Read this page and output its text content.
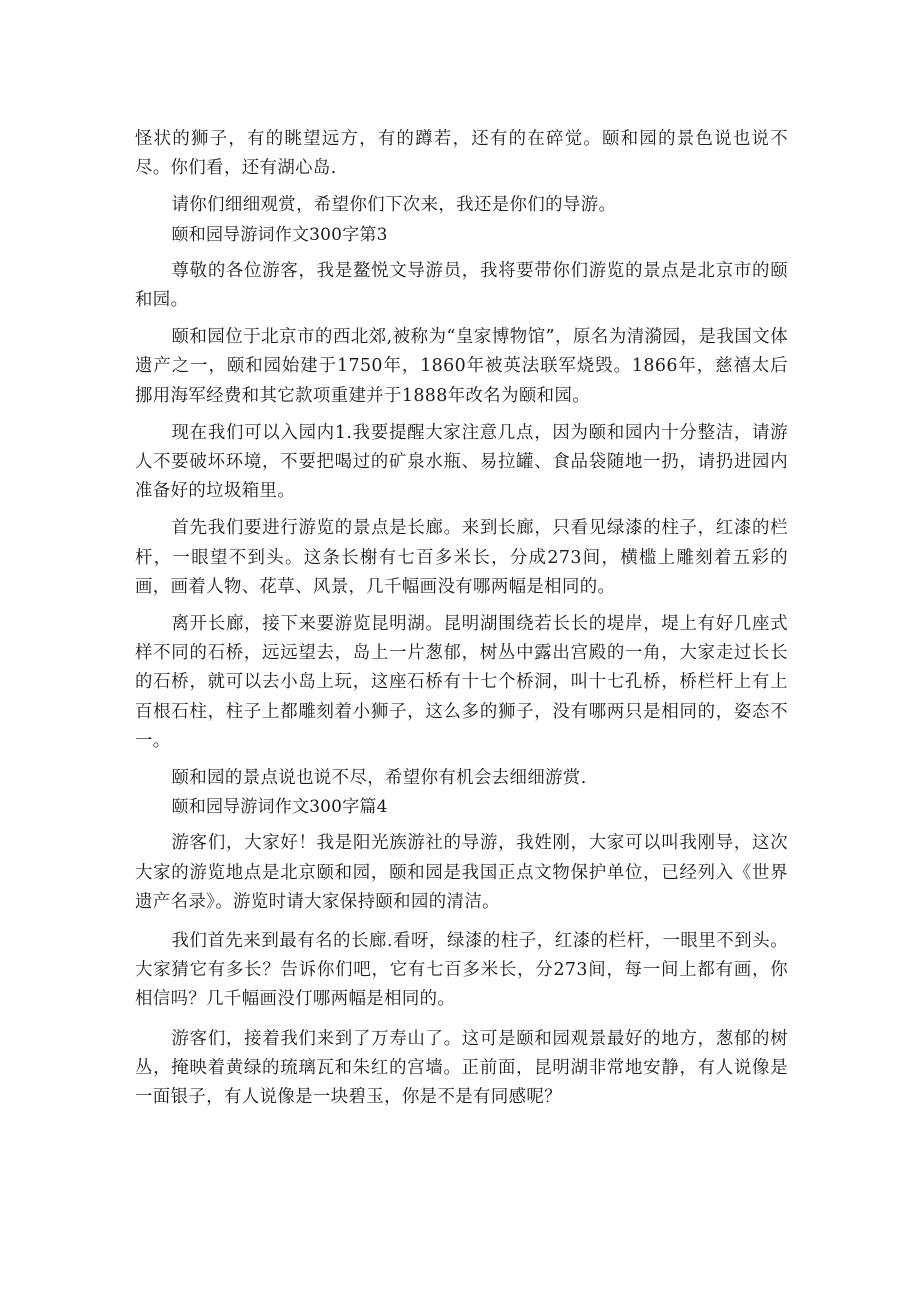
怪状的狮子，有的眺望远方，有的蹲若，还有的在碎觉。颐和园的景色说也说不尽。你们看，还有湖心岛.

请你们细细观赏，希望你们下次来，我还是你们的导游。

颐和园导游词作文300字第3

尊敬的各位游客，我是鳌悦文导游员，我将要带你们游览的景点是北京市的颐和园。

颐和园位于北京市的西北郊,被称为“皇家博物馆”，原名为清漪园，是我国文体遗产之一，颐和园始建于1750年，1860年被英法联军烧毁。1866年，慈禧太后挪用海军经费和其它款项重建并于1888年改名为颐和园。

现在我们可以入园内1.我要提醒大家注意几点，因为颐和园内十分整洁，请游人不要破坏环境，不要把喝过的矿泉水瓶、易拉罐、食品袋随地一扔，请扔进园内准备好的垃圾箱里。

首先我们要进行游览的景点是长廊。来到长廊，只看见绿漆的柱子，红漆的栏杆，一眼望不到头。这条长榭有七百多米长，分成273间，横槛上雕刻着五彩的画，画着人物、花草、风景，几千幅画没有哪两幅是相同的。

离开长廊，接下来要游览昆明湖。昆明湖围绕若长长的堤岸，堤上有好几座式样不同的石桥，远远望去，岛上一片葱郁，树丛中露出宫殿的一角，大家走过长长的石桥，就可以去小岛上玩，这座石桥有十七个桥洞，叫十七孔桥，桥栏杆上有上百根石柱，柱子上都雕刻着小狮子，这么多的狮子，没有哪两只是相同的，姿态不一。

颐和园的景点说也说不尽，希望你有机会去细细游赏.

颐和园导游词作文300字篇4

游客们，大家好！我是阳光族游社的导游，我姓刚，大家可以叫我刚导，这次大家的游览地点是北京颐和园，颐和园是我国正点文物保护单位，已经列入《世界遗产名录》。游览时请大家保持颐和园的清洁。

我们首先来到最有名的长廊.看呀，绿漆的柱子，红漆的栏杆，一眼里不到头。大家猜它有多长？告诉你们吧，它有七百多米长，分273间，每一间上都有画，你相信吗？几千幅画没仃哪两幅是相同的。

游客们，接着我们来到了万寿山了。这可是颐和园观景最好的地方，葱郁的树丛，掩映着黄绿的琉璃瓦和朱红的宫墙。正前面，昆明湖非常地安静，有人说像是一面银子，有人说像是一块碧玉，你是不是有同感呢？
